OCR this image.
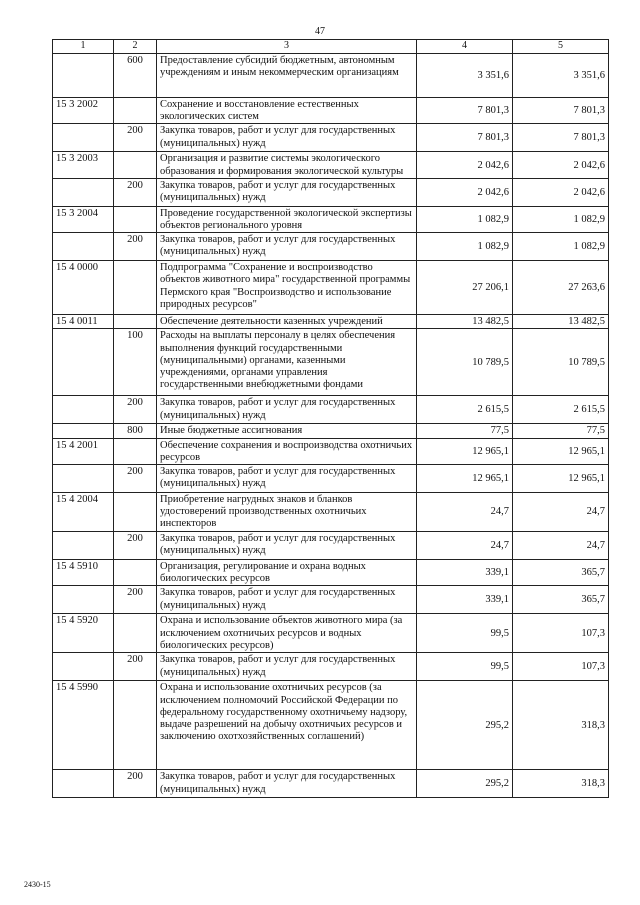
47
1	2	3	4	5
	600	Предоставление субсидий бюджетным, автономным учреждениям и иным некоммерческим организациям	3 351,6	3 351,6
15 3 2002		Сохранение и восстановление естественных экологических систем	7 801,3	7 801,3
	200	Закупка товаров, работ и услуг для государственных (муниципальных) нужд	7 801,3	7 801,3
15 3 2003		Организация и развитие системы экологического образования и формирования экологической культуры	2 042,6	2 042,6
	200	Закупка товаров, работ и услуг для государственных (муниципальных) нужд	2 042,6	2 042,6
15 3 2004		Проведение государственной экологической экспертизы объектов регионального уровня	1 082,9	1 082,9
	200	Закупка товаров, работ и услуг для государственных (муниципальных) нужд	1 082,9	1 082,9
15 4 0000		Подпрограмма "Сохранение и воспроизводство объектов животного мира" государственной программы Пермского края "Воспроизводство и использование природных ресурсов"	27 206,1	27 263,6
15 4 0011		Обеспечение деятельности казенных учреждений	13 482,5	13 482,5
	100	Расходы на выплаты персоналу в целях обеспечения выполнения функций государственными (муниципальными) органами, казенными учреждениями, органами управления государственными внебюджетными фондами	10 789,5	10 789,5
	200	Закупка товаров, работ и услуг для государственных (муниципальных) нужд	2 615,5	2 615,5
	800	Иные бюджетные ассигнования	77,5	77,5
15 4 2001		Обеспечение сохранения и воспроизводства охотничьих ресурсов	12 965,1	12 965,1
	200	Закупка товаров, работ и услуг для государственных (муниципальных) нужд	12 965,1	12 965,1
15 4 2004		Приобретение нагрудных знаков и бланков удостоверений производственных охотничьих инспекторов	24,7	24,7
	200	Закупка товаров, работ и услуг для государственных (муниципальных) нужд	24,7	24,7
15 4 5910		Организация, регулирование и охрана водных биологических ресурсов	339,1	365,7
	200	Закупка товаров, работ и услуг для государственных (муниципальных) нужд	339,1	365,7
15 4 5920		Охрана и использование объектов животного мира (за исключением охотничьих ресурсов и водных биологических ресурсов)	99,5	107,3
	200	Закупка товаров, работ и услуг для государственных (муниципальных) нужд	99,5	107,3
15 4 5990		Охрана и использование охотничьих ресурсов (за исключением полномочий Российской Федерации по федеральному государственному охотничьему надзору, выдаче разрешений на добычу охотничьих ресурсов и заключению охотхозяйственных соглашений)	295,2	318,3
	200	Закупка товаров, работ и услуг для государственных (муниципальных) нужд	295,2	318,3
2430-15
